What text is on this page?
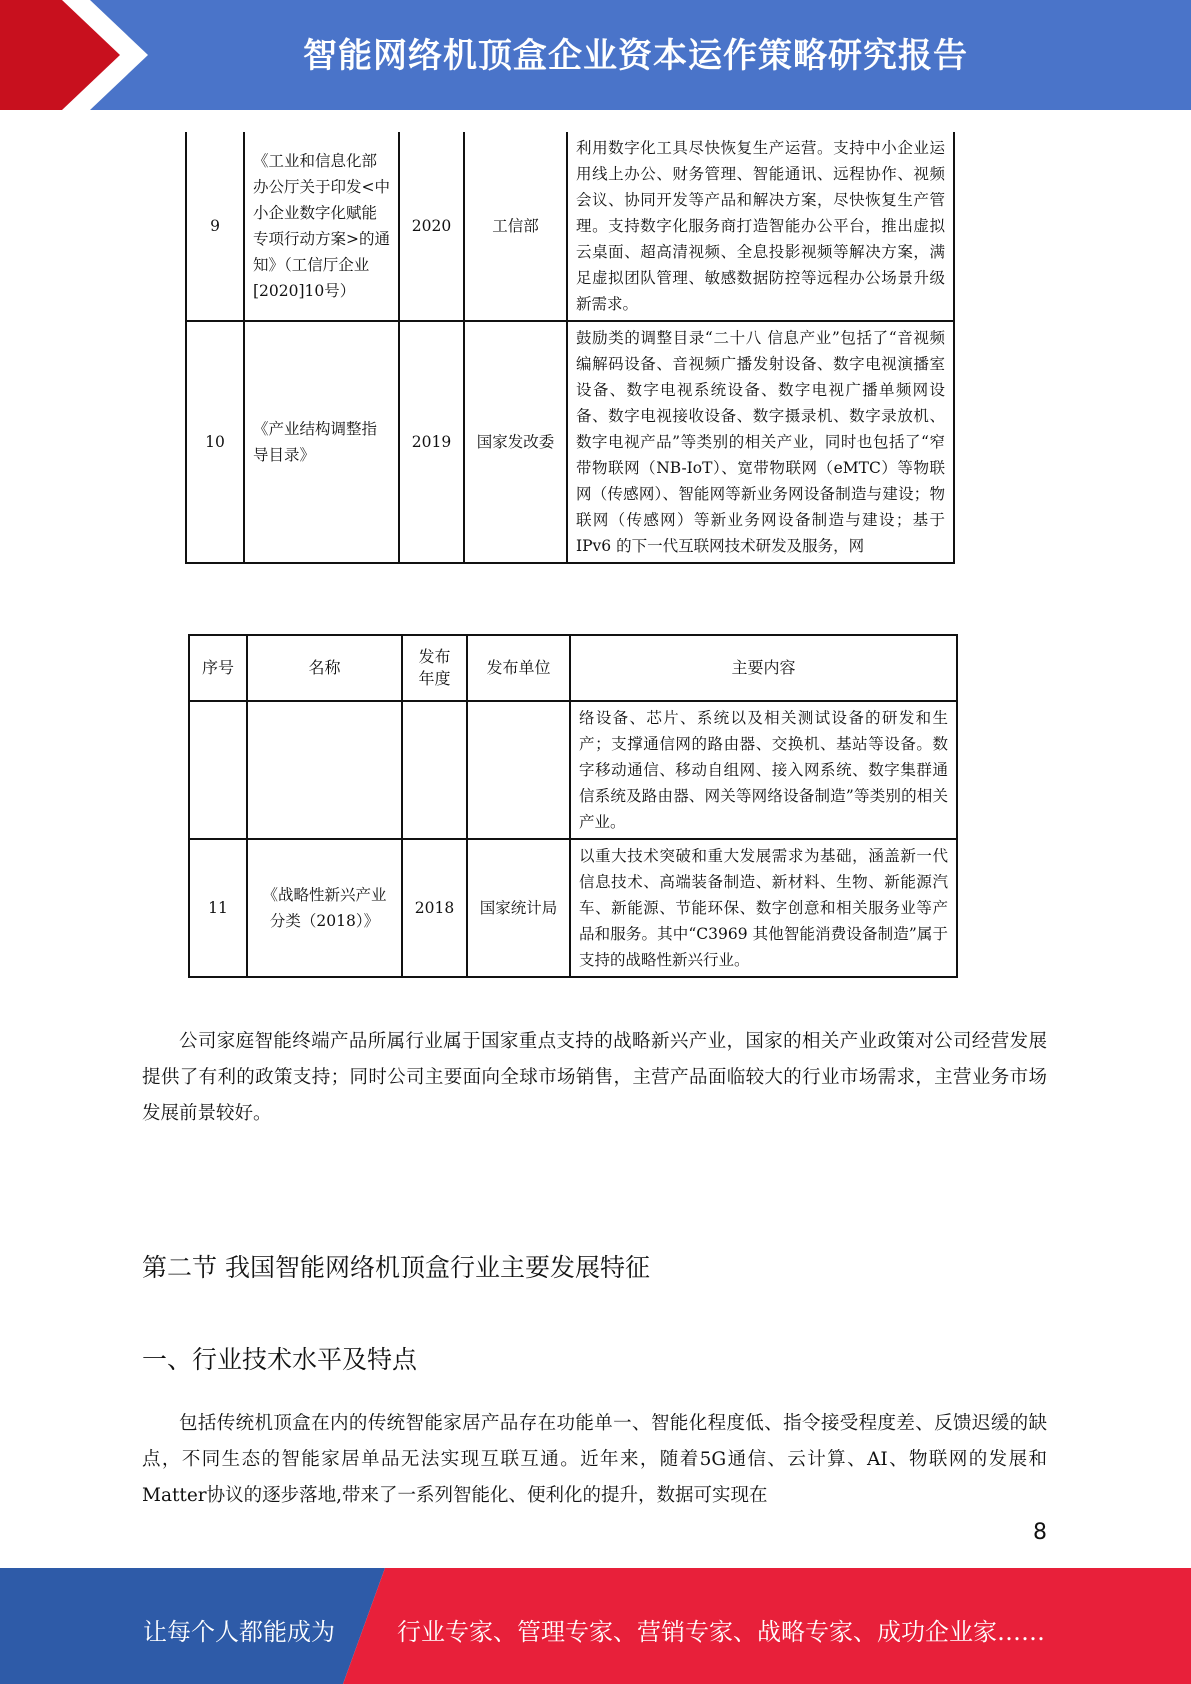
智能网络机顶盒企业资本运作策略研究报告
9	《工业和信息化部办公厅关于印发<中小企业数字化赋能专项行动方案>的通知》（工信厅企业[2020]10号）	2020	工信部	利用数字化工具尽快恢复生产运营。支持中小企业运用线上办公、财务管理、智能通讯、远程协作、视频会议、协同开发等产品和解决方案，尽快恢复生产管理。支持数字化服务商打造智能办公平台，推出虚拟云桌面、超高清视频、全息投影视频等解决方案，满足虚拟团队管理、敏感数据防控等远程办公场景升级新需求。
10	《产业结构调整指导目录》	2019	国家发改委	鼓励类的调整目录“二十八 信息产业”包括了“音视频编解码设备、音视频广播发射设备、数字电视演播室设备、数字电视系统设备、数字电视广播单频网设备、数字电视接收设备、数字摄录机、数字录放机、数字电视产品”等类别的相关产业，同时也包括了“窄带物联网（NB-IoT）、宽带物联网（eMTC）等物联网（传感网）、智能网等新业务网设备制造与建设；物联网（传感网）等新业务网设备制造与建设；基于IPv6 的下一代互联网技术研发及服务，网
序号	名称	发布年度	发布单位	主要内容
				络设备、芯片、系统以及相关测试设备的研发和生产；支撑通信网的路由器、交换机、基站等设备。数字移动通信、移动自组网、接入网系统、数字集群通信系统及路由器、网关等网络设备制造”等类别的相关产业。
11	《战略性新兴产业分类（2018）》	2018	国家统计局	以重大技术突破和重大发展需求为基础，涵盖新一代信息技术、高端装备制造、新材料、生物、新能源汽车、新能源、节能环保、数字创意和相关服务业等产品和服务。其中“C3969 其他智能消费设备制造”属于支持的战略性新兴行业。
公司家庭智能终端产品所属行业属于国家重点支持的战略新兴产业，国家的相关产业政策对公司经营发展提供了有利的政策支持；同时公司主要面向全球市场销售，主营产品面临较大的行业市场需求，主营业务市场发展前景较好。
第二节 我国智能网络机顶盒行业主要发展特征
一、行业技术水平及特点
包括传统机顶盒在内的传统智能家居产品存在功能单一、智能化程度低、指令接受程度差、反馈迟缓的缺点，不同生态的智能家居单品无法实现互联互通。近年来，随着5G通信、云计算、AI、物联网的发展和Matter协议的逐步落地,带来了一系列智能化、便利化的提升，数据可实现在
8
让每个人都能成为	行业专家、管理专家、营销专家、战略专家、成功企业家……
